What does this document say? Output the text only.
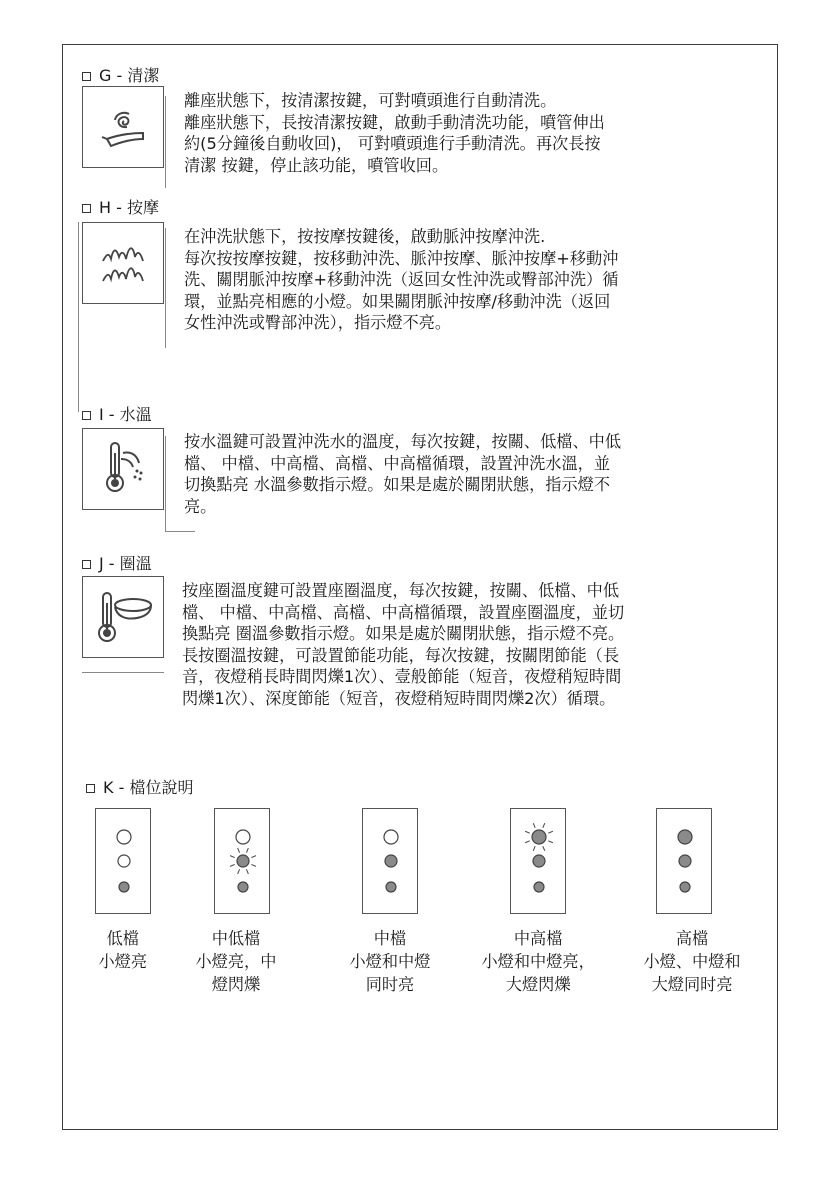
G - 清潔

離座狀態下，按清潔按鍵，可對噴頭進行自動清洗。

離座狀態下，長按清潔按鍵，啟動手動清洗功能，噴管伸出

約(5分鐘後自動收回)， 可對噴頭進行手動清洗。再次長按

清潔 按鍵，停止該功能，噴管收回。

H - 按摩

在沖洗狀態下，按按摩按鍵後，啟動脈沖按摩沖洗.

每次按按摩按鍵，按移動沖洗、脈沖按摩、脈沖按摩+移動沖

洗、關閉脈沖按摩+移動沖洗（返回女性沖洗或臀部沖洗）循

環，並點亮相應的小燈。如果關閉脈沖按摩/移動沖洗（返回

女性沖洗或臀部沖洗），指示燈不亮。

I - 水溫

按水溫鍵可設置沖洗水的溫度，每次按鍵，按關、低檔、中低

檔、 中檔、中高檔、高檔、中高檔循環，設置沖洗水溫，並

切換點亮 水溫參數指示燈。如果是處於關閉狀態，指示燈不

亮。

J - 圈溫

按座圈溫度鍵可設置座圈溫度，每次按鍵，按關、低檔、中低

檔、 中檔、中高檔、高檔、中高檔循環，設置座圈溫度，並切

換點亮 圈溫參數指示燈。如果是處於關閉狀態，指示燈不亮。

長按圈溫按鍵，可設置節能功能，每次按鍵，按關閉節能（長

音，夜燈稍長時間閃爍1次）、壹般節能（短音，夜燈稍短時間

閃爍1次）、深度節能（短音，夜燈稍短時間閃爍2次）循環。

K - 檔位說明
低檔
小燈亮
中低檔
小燈亮，中
燈閃爍
中檔
小燈和中燈
同时亮
中高檔
小燈和中燈亮，
大燈閃爍
高檔
小燈、中燈和
大燈同时亮
